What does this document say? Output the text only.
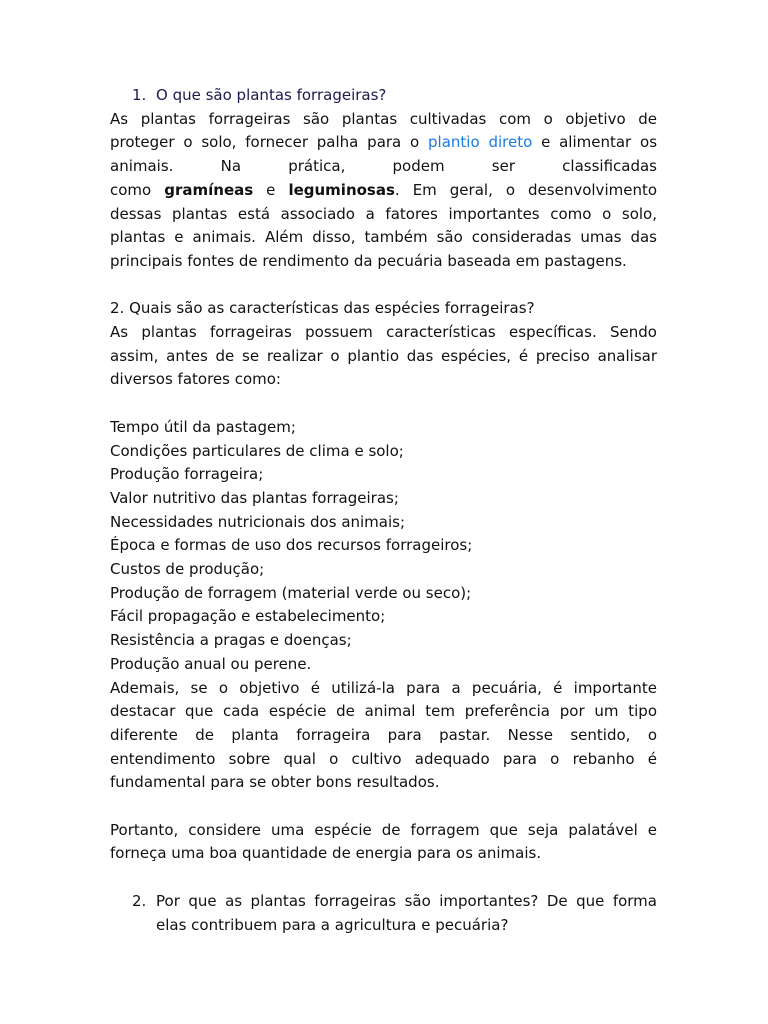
1. O que são plantas forrageiras?
As plantas forrageiras são plantas cultivadas com o objetivo de
proteger o solo, fornecer palha para o plantio direto e alimentar os
animais. Na prática, podem ser classificadas
como gramíneas e leguminosas. Em geral, o desenvolvimento
dessas plantas está associado a fatores importantes como o solo,
plantas e animais. Além disso, também são consideradas umas das
principais fontes de rendimento da pecuária baseada em pastagens.
2. Quais são as características das espécies forrageiras?

As plantas forrageiras possuem características específicas. Sendo assim, antes de se realizar o plantio das espécies, é preciso analisar diversos fatores como:

Tempo útil da pastagem;
Condições particulares de clima e solo;
Produção forrageira;
Valor nutritivo das plantas forrageiras;
Necessidades nutricionais dos animais;
Época e formas de uso dos recursos forrageiros;
Custos de produção;
Produção de forragem (material verde ou seco);
Fácil propagação e estabelecimento;
Resistência a pragas e doenças;
Produção anual ou perene.

Ademais, se o objetivo é utilizá-la para a pecuária, é importante destacar que cada espécie de animal tem preferência por um tipo diferente de planta forrageira para pastar. Nesse sentido, o entendimento sobre qual o cultivo adequado para o rebanho é fundamental para se obter bons resultados.

Portanto, considere uma espécie de forragem que seja palatável e forneça uma boa quantidade de energia para os animais.

2. Por que as plantas forrageiras são importantes? De que forma elas contribuem para a agricultura e pecuária?
